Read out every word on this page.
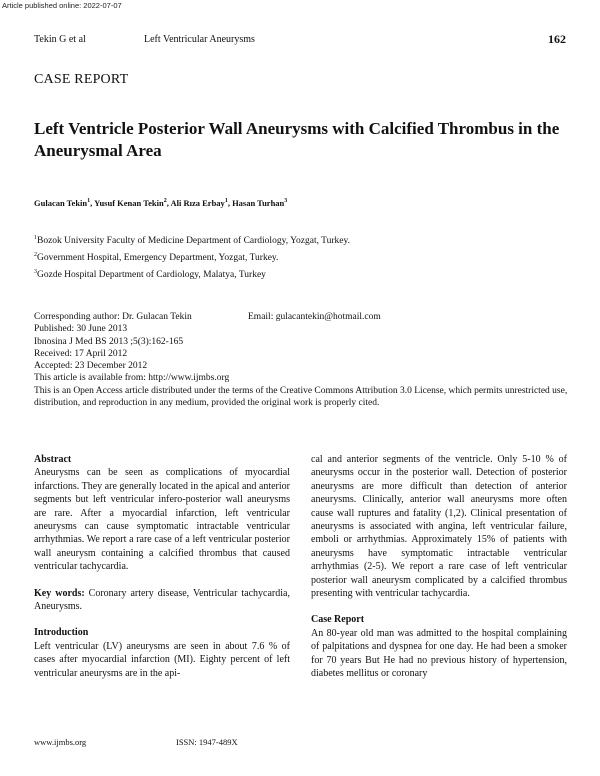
Article published online: 2022-07-07
Tekin G et al	Left Ventricular Aneurysms	162
CASE REPORT
Left Ventricle Posterior Wall Aneurysms with Calcified Thrombus in the Aneurysmal Area
Gulacan Tekin$^1$, Yusuf Kenan Tekin$^2$, Ali Rıza Erbay$^1$, Hasan Turhan$^3$
$^1$Bozok University Faculty of Medicine Department of Cardiology, Yozgat, Turkey.
$^2$Government Hospital, Emergency Department, Yozgat, Turkey.
$^3$Gozde Hospital Department of Cardiology, Malatya, Turkey
Corresponding author: Dr. Gulacan Tekin	Email: gulacantekin@hotmail.com
Published: 30 June 2013
Ibnosina J Med BS 2013 ;5(3):162-165
Received: 17 April 2012
Accepted: 23 December 2012
This article is available from: http://www.ijmbs.org
This is an Open Access article distributed under the terms of the Creative Commons Attribution 3.0 License, which permits unrestricted use, distribution, and reproduction in any medium, provided the original work is properly cited.
Abstract

Aneurysms can be seen as complications of myocardial infarctions. They are generally located in the apical and anterior segments but left ventricular infero-posterior wall aneurysms are rare. After a myocardial infarction, left ventricular aneurysms can cause symptomatic intractable ventricular arrhythmias. We report a rare case of a left ventricular posterior wall aneurysm containing a calcified thrombus that caused ventricular tachycardia.

Key words: Coronary artery disease, Ventricular tachycardia, Aneurysms.

Introduction

Left ventricular (LV) aneurysms are seen in about 7.6 % of cases after myocardial infarction (MI). Eighty percent of left ventricular aneurysms are in the api-

cal and anterior segments of the ventricle. Only 5-10 % of aneurysms occur in the posterior wall. Detection of posterior aneurysms are more difficult than detection of anterior aneurysms. Clinically, anterior wall aneurysms more often cause wall ruptures and fatality (1,2). Clinical presentation of aneurysms is associated with angina, left ventricular failure, emboli or arrhythmias. Approximately 15% of patients with aneurysms have symptomatic intractable ventricular arrhythmias (2-5). We report a rare case of left ventricular posterior wall aneurysm complicated by a calcified thrombus presenting with ventricular tachycardia.

Case Report

An 80-year old man was admitted to the hospital complaining of palpitations and dyspnea for one day. He had been a smoker for 70 years But He had no previous history of hypertension, diabetes mellitus or coronary

www.ijmbs.org	ISSN: 1947-489X
